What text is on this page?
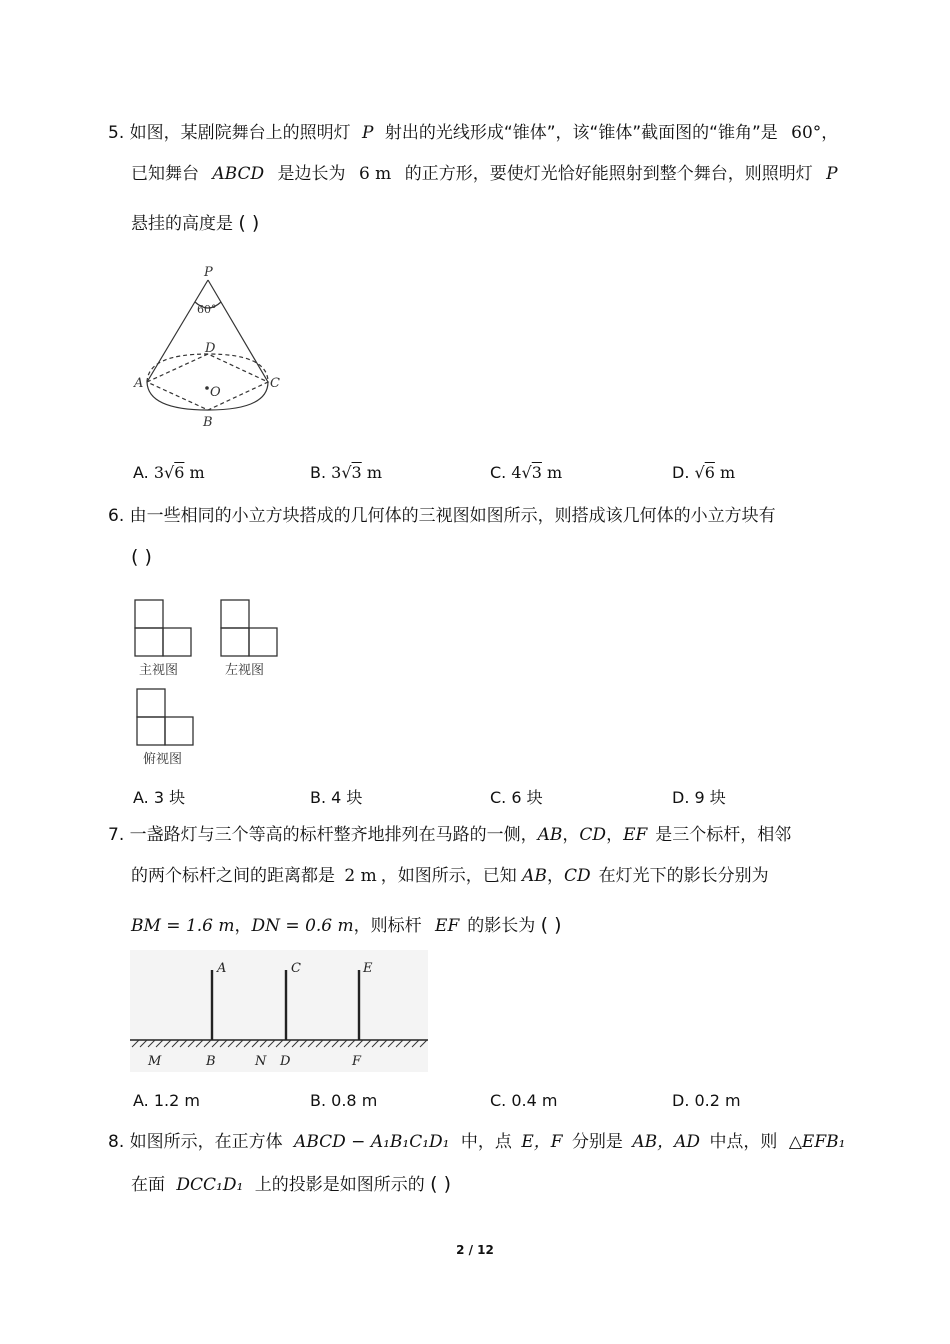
5. 如图，某剧院舞台上的照明灯 P 射出的光线形成“锥体”，该“锥体”截面图的“锥角”是 60°，
已知舞台 ABCD 是边长为 6 m 的正方形，要使灯光恰好能照射到整个舞台，则照明灯 P
悬挂的高度是 ( )
P
60°
D
A
O
C
B
A. 3√6 m	B. 3√3 m	C. 4√3 m	D. √6 m
6. 由一些相同的小立方块搭成的几何体的三视图如图所示，则搭成该几何体的小立方块有
( )
主视图	左视图
俯视图
A. 3 块	B. 4 块	C. 6 块	D. 9 块
7. 一盏路灯与三个等高的标杆整齐地排列在马路的一侧，AB，CD，EF 是三个标杆，相邻
的两个标杆之间的距离都是 2 m ，如图所示，已知 AB，CD 在灯光下的影长分别为
BM = 1.6 m，DN = 0.6 m，则标杆 EF 的影长为 ( )
A	C	E
M	B	N D	F
A. 1.2 m	B. 0.8 m	C. 0.4 m	D. 0.2 m
8. 如图所示，在正方体 ABCD − A₁B₁C₁D₁ 中，点 E，F 分别是 AB，AD 中点，则 △EFB₁
在面 DCC₁D₁ 上的投影是如图所示的 ( )
2 / 12
